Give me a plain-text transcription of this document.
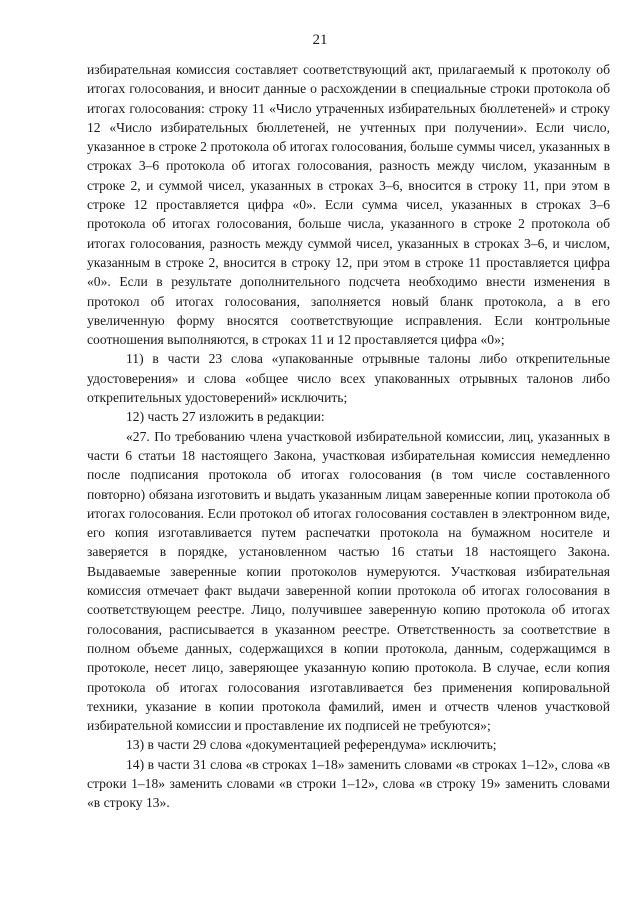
21

избирательная комиссия составляет соответствующий акт, прилагаемый к протоколу об итогах голосования, и вносит данные о расхождении в специальные строки протокола об итогах голосования: строку 11 «Число утраченных избирательных бюллетеней» и строку 12 «Число избирательных бюллетеней, не учтенных при получении». Если число, указанное в строке 2 протокола об итогах голосования, больше суммы чисел, указанных в строках 3–6 протокола об итогах голосования, разность между числом, указанным в строке 2, и суммой чисел, указанных в строках 3–6, вносится в строку 11, при этом в строке 12 проставляется цифра «0». Если сумма чисел, указанных в строках 3–6 протокола об итогах голосования, больше числа, указанного в строке 2 протокола об итогах голосования, разность между суммой чисел, указанных в строках 3–6, и числом, указанным в строке 2, вносится в строку 12, при этом в строке 11 проставляется цифра «0». Если в результате дополнительного подсчета необходимо внести изменения в протокол об итогах голосования, заполняется новый бланк протокола, а в его увеличенную форму вносятся соответствующие исправления. Если контрольные соотношения выполняются, в строках 11 и 12 проставляется цифра «0»;

11) в части 23 слова «упакованные отрывные талоны либо открепительные удостоверения» и слова «общее число всех упакованных отрывных талонов либо открепительных удостоверений» исключить;

12) часть 27 изложить в редакции:

«27. По требованию члена участковой избирательной комиссии, лиц, указанных в части 6 статьи 18 настоящего Закона, участковая избирательная комиссия немедленно после подписания протокола об итогах голосования (в том числе составленного повторно) обязана изготовить и выдать указанным лицам заверенные копии протокола об итогах голосования. Если протокол об итогах голосования составлен в электронном виде, его копия изготавливается путем распечатки протокола на бумажном носителе и заверяется в порядке, установленном частью 16 статьи 18 настоящего Закона. Выдаваемые заверенные копии протоколов нумеруются. Участковая избирательная комиссия отмечает факт выдачи заверенной копии протокола об итогах голосования в соответствующем реестре. Лицо, получившее заверенную копию протокола об итогах голосования, расписывается в указанном реестре. Ответственность за соответствие в полном объеме данных, содержащихся в копии протокола, данным, содержащимся в протоколе, несет лицо, заверяющее указанную копию протокола. В случае, если копия протокола об итогах голосования изготавливается без применения копировальной техники, указание в копии протокола фамилий, имен и отчеств членов участковой избирательной комиссии и проставление их подписей не требуются»;

13) в части 29 слова «документацией референдума» исключить;

14) в части 31 слова «в строках 1–18» заменить словами «в строках 1–12», слова «в строки 1–18» заменить словами «в строки 1–12», слова «в строку 19» заменить словами «в строку 13».
